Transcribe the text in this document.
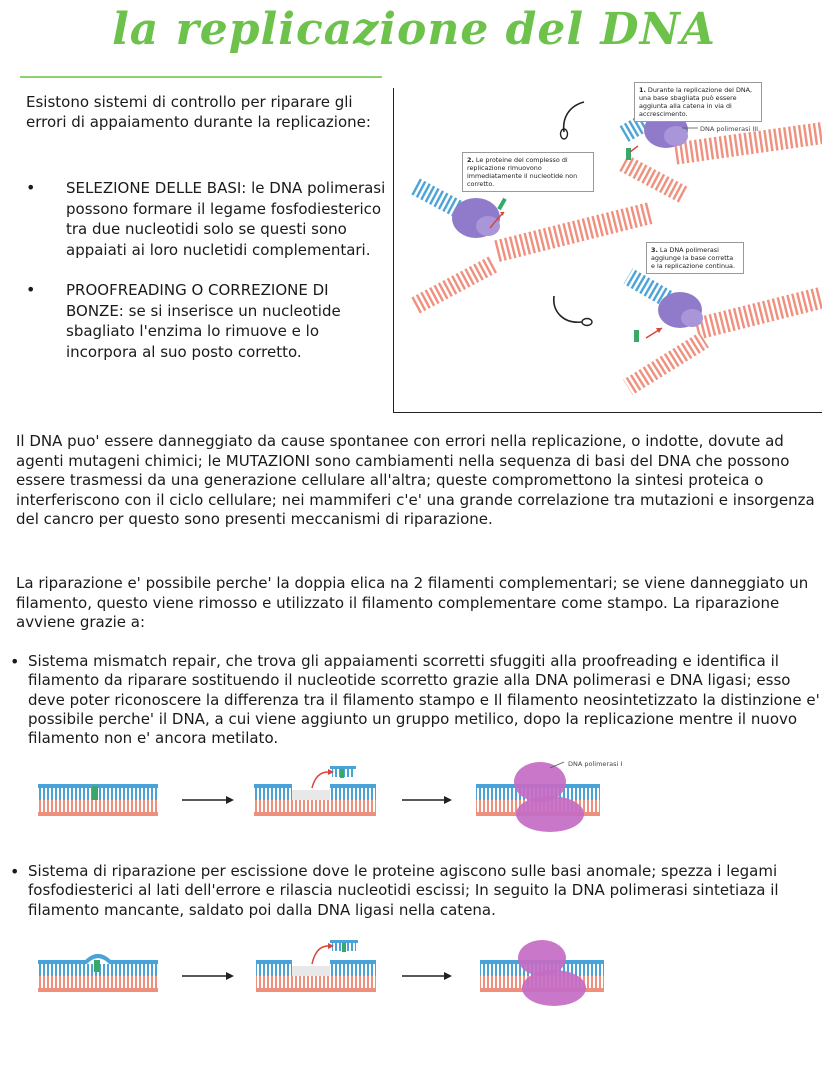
la replicazione del DNA
Esistono sistemi di controllo per riparare gli errori di appaiamento durante la replicazione:
• SELEZIONE DELLE BASI: le DNA polimerasi possono formare il legame fosfodiesterico tra due nucleotidi solo se questi sono appaiati ai loro nucletidi complementari.
• PROOFREADING O CORREZIONE DI BONZE: se si inserisce un nucleotide sbagliato l'enzima lo rimuove e lo incorpora al suo posto corretto.
DNA polimerasi III
1. Durante la replicazione del DNA, una base sbagliata può essere aggiunta alla catena in via di accrescimento.
2. Le proteine del complesso di replicazione rimuovono immediatamente il nucleotide non corretto.
3. La DNA polimerasi aggiunge la base corretta e la replicazione continua.
Il DNA puo' essere danneggiato da cause spontanee con errori nella replicazione, o indotte, dovute ad agenti mutageni chimici; le MUTAZIONI sono cambiamenti nella sequenza di basi del DNA che possono essere trasmessi da una generazione cellulare all'altra; queste compromettono la sintesi proteica o interferiscono con il ciclo cellulare; nei mammiferi c'e' una grande correlazione tra mutazioni e insorgenza del cancro per questo sono presenti meccanismi di riparazione.
La riparazione e' possibile perche' la doppia elica na 2 filamenti complementari; se viene danneggiato un filamento, questo viene rimosso e utilizzato il filamento complementare come stampo. La riparazione avviene grazie a:
• Sistema mismatch repair, che trova gli appaiamenti scorretti sfuggiti alla proofreading e identifica il filamento da riparare sostituendo il nucleotide scorretto grazie alla DNA polimerasi e DNA ligasi; esso deve poter riconoscere la differenza tra il filamento stampo e Il filamento neosintetizzato la distinzione e' possibile perche' il DNA, a cui viene aggiunto un gruppo metilico, dopo la replicazione mentre il nuovo filamento non e' ancora metilato.
DNA polimerasi I
• Sistema di riparazione per escissione dove le proteine agiscono sulle basi anomale; spezza i legami fosfodiesterici al lati dell'errore e rilascia nucleotidi escissi; In seguito la DNA polimerasi sintetiaza il filamento mancante, saldato poi dalla DNA ligasi nella catena.
